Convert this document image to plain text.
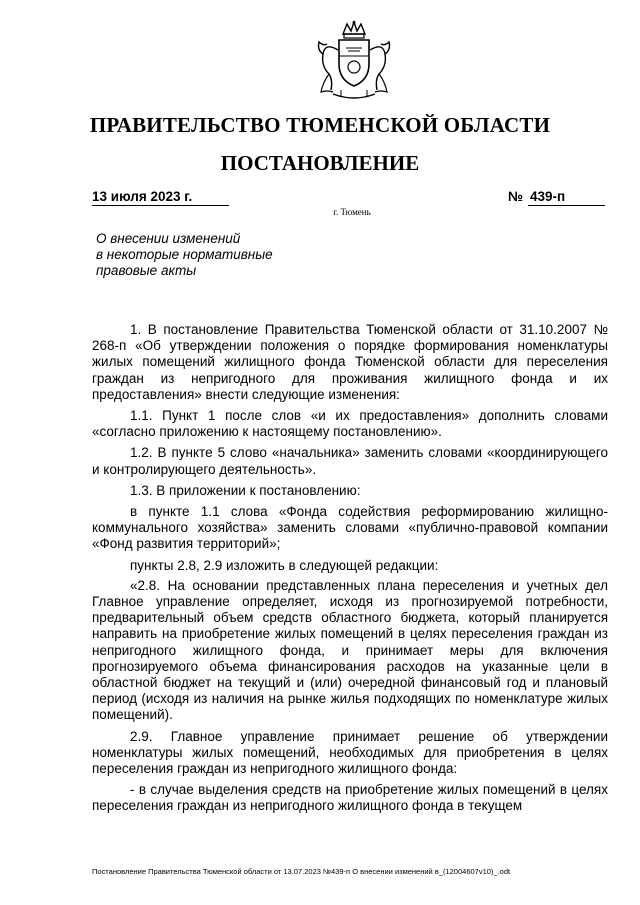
ПРАВИТЕЛЬСТВО ТЮМЕНСКОЙ ОБЛАСТИ
ПОСТАНОВЛЕНИЕ
13 июля 2023 г.	№ 439-п
г. Тюмень
О внесении изменений
в некоторые нормативные
правовые акты

1. В постановление Правительства Тюменской области от 31.10.2007 № 268-п «Об утверждении положения о порядке формирования номенклатуры жилых помещений жилищного фонда Тюменской области для переселения граждан из непригодного для проживания жилищного фонда и их предоставления» внести следующие изменения:

1.1. Пункт 1 после слов «и их предоставления» дополнить словами «согласно приложению к настоящему постановлению».

1.2. В пункте 5 слово «начальника» заменить словами «координирующего и контролирующего деятельность».

1.3. В приложении к постановлению:

в пункте 1.1 слова «Фонда содействия реформированию жилищно-коммунального хозяйства» заменить словами «публично-правовой компании «Фонд развития территорий»;

пункты 2.8, 2.9 изложить в следующей редакции:

«2.8. На основании представленных плана переселения и учетных дел Главное управление определяет, исходя из прогнозируемой потребности, предварительный объем средств областного бюджета, который планируется направить на приобретение жилых помещений в целях переселения граждан из непригодного жилищного фонда, и принимает меры для включения прогнозируемого объема финансирования расходов на указанные цели в областной бюджет на текущий и (или) очередной финансовый год и плановый период (исходя из наличия на рынке жилья подходящих по номенклатуре жилых помещений).

2.9. Главное управление принимает решение об утверждении номенклатуры жилых помещений, необходимых для приобретения в целях переселения граждан из непригодного жилищного фонда:

- в случае выделения средств на приобретение жилых помещений в целях переселения граждан из непригодного жилищного фонда в текущем

Постановление Правительства Тюменской области от 13.07.2023 №439-п О внесении изменений в_(12004607v10)_.odt
